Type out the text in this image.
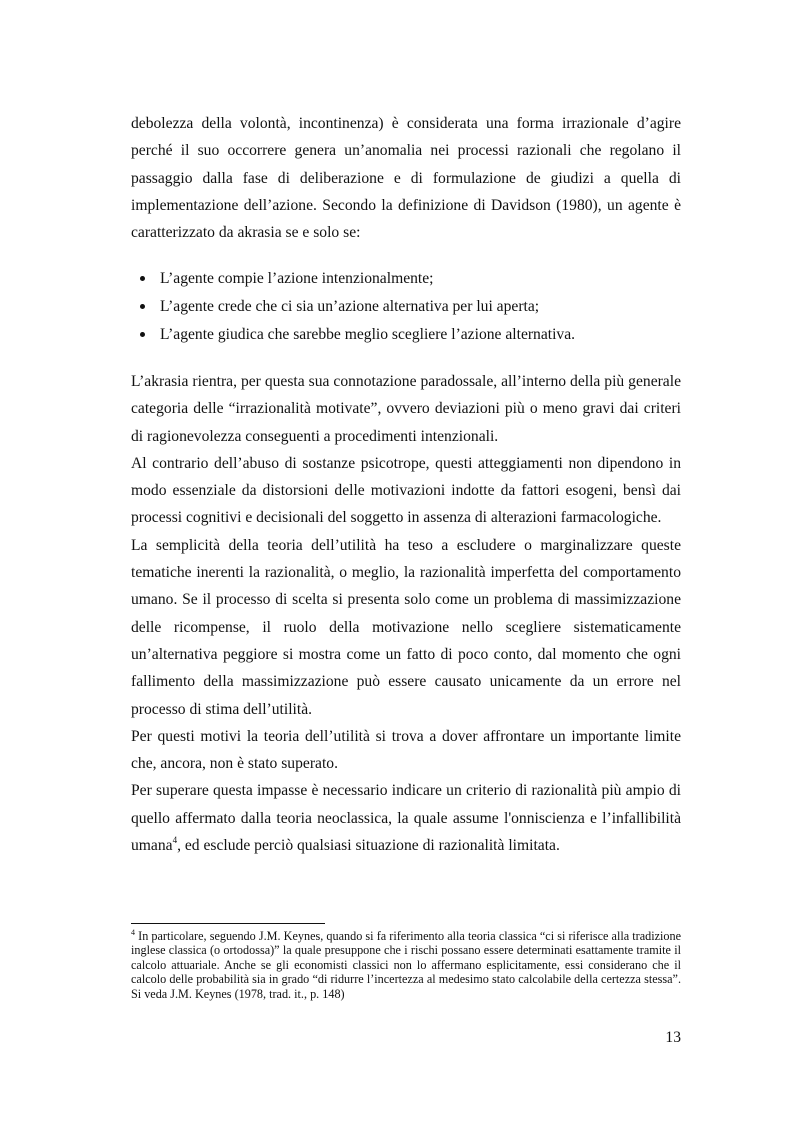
debolezza della volontà, incontinenza) è considerata una forma irrazionale d’agire perché il suo occorrere genera un’anomalia nei processi razionali che regolano il passaggio dalla fase di deliberazione e di formulazione de giudizi a quella di implementazione dell’azione. Secondo la definizione di Davidson (1980), un agente è caratterizzato da akrasia se e solo se:

L’agente compie l’azione intenzionalmente;
L’agente crede che ci sia un’azione alternativa per lui aperta;
L’agente giudica che sarebbe meglio scegliere l’azione alternativa.

L’akrasia rientra, per questa sua connotazione paradossale, all’interno della più generale categoria delle “irrazionalità motivate”, ovvero deviazioni più o meno gravi dai criteri di ragionevolezza conseguenti a procedimenti intenzionali.

Al contrario dell’abuso di sostanze psicotrope, questi atteggiamenti non dipendono in modo essenziale da distorsioni delle motivazioni indotte da fattori esogeni, bensì dai processi cognitivi e decisionali del soggetto in assenza di alterazioni farmacologiche.

La semplicità della teoria dell’utilità ha teso a escludere o marginalizzare queste tematiche inerenti la razionalità, o meglio, la razionalità imperfetta del comportamento umano. Se il processo di scelta si presenta solo come un problema di massimizzazione delle ricompense, il ruolo della motivazione nello scegliere sistematicamente un’alternativa peggiore si mostra come un fatto di poco conto, dal momento che ogni fallimento della massimizzazione può essere causato unicamente da un errore nel processo di stima dell’utilità.

Per questi motivi la teoria dell’utilità si trova a dover affrontare un importante limite che, ancora, non è stato superato.

Per superare questa impasse è necessario indicare un criterio di razionalità più ampio di quello affermato dalla teoria neoclassica, la quale assume l'onniscienza e l’infallibilità umana$^4$, ed esclude perciò qualsiasi situazione di razionalità limitata.

$^4$ In particolare, seguendo J.M. Keynes, quando si fa riferimento alla teoria classica “ci si riferisce alla tradizione inglese classica (o ortodossa)” la quale presuppone che i rischi possano essere determinati esattamente tramite il calcolo attuariale. Anche se gli economisti classici non lo affermano esplicitamente, essi considerano che il calcolo delle probabilità sia in grado “di ridurre l’incertezza al medesimo stato calcolabile della certezza stessa”. Si veda J.M. Keynes (1978, trad. it., p. 148)

13
